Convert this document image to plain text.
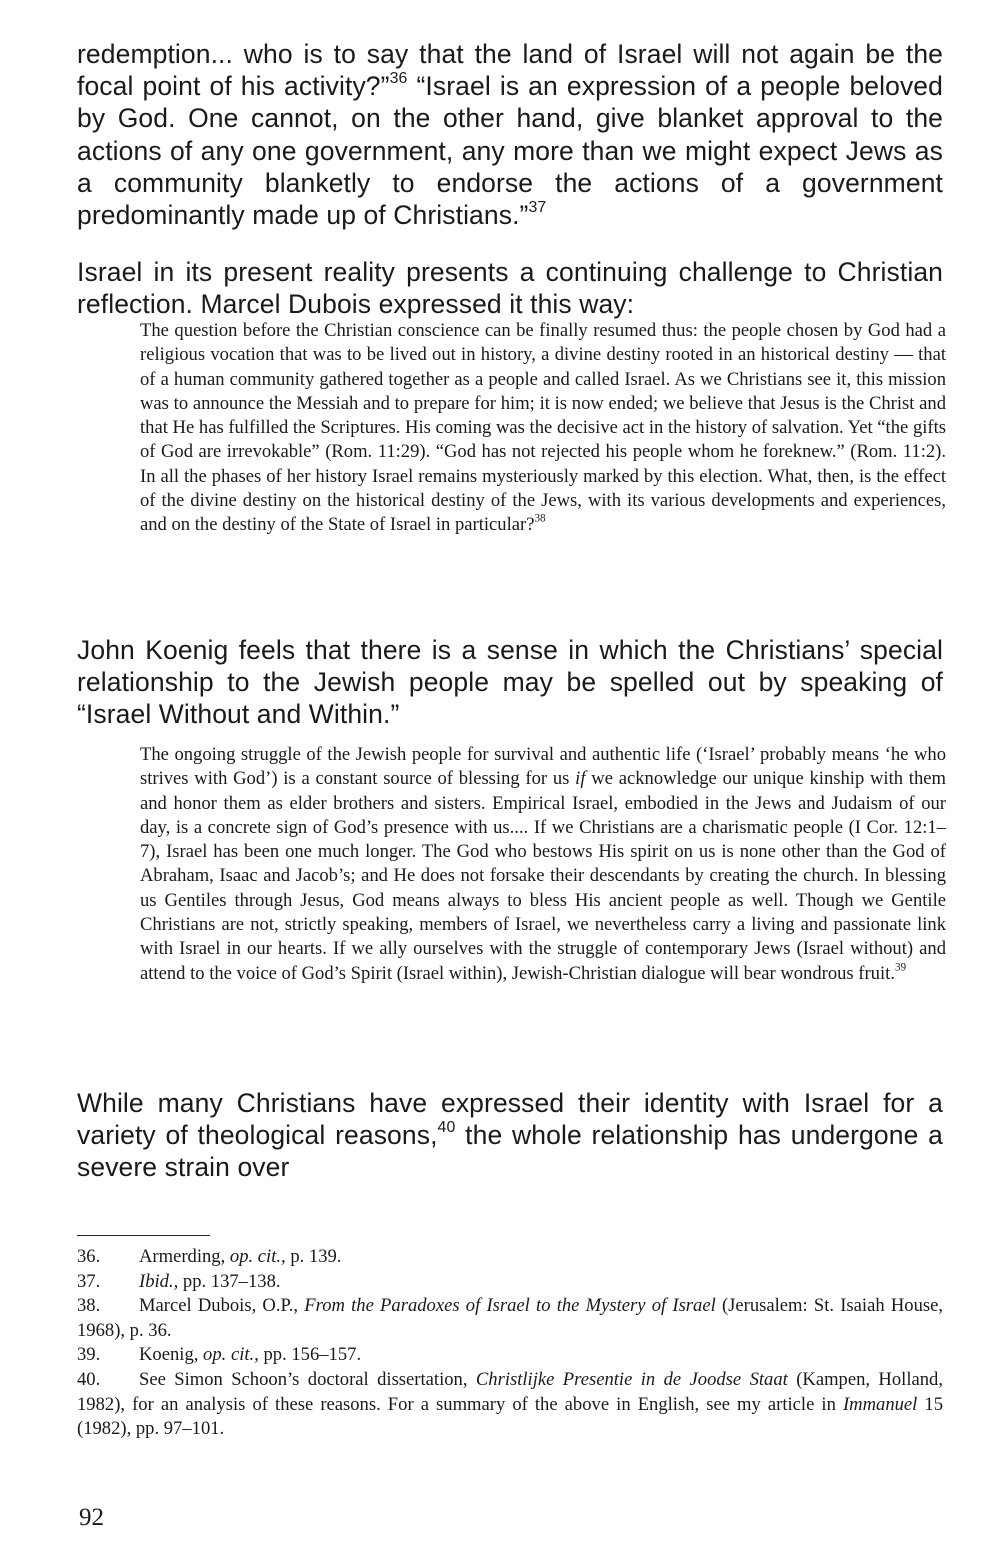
redemption... who is to say that the land of Israel will not again be the focal point of his activity?”$^{36}$ “Israel is an expression of a people beloved by God. One cannot, on the other hand, give blanket approval to the actions of any one government, any more than we might expect Jews as a community blanketly to endorse the actions of a government predominantly made up of Christians.”$^{37}$

Israel in its present reality presents a continuing challenge to Christian reflection. Marcel Dubois expressed it this way:

The question before the Christian conscience can be finally resumed thus: the people chosen by God had a religious vocation that was to be lived out in history, a divine destiny rooted in an historical destiny — that of a human community gathered together as a people and called Israel. As we Christians see it, this mission was to announce the Messiah and to prepare for him; it is now ended; we believe that Jesus is the Christ and that He has fulfilled the Scriptures. His coming was the decisive act in the history of salvation. Yet “the gifts of God are irrevokable” (Rom. 11:29). “God has not rejected his people whom he foreknew.” (Rom. 11:2). In all the phases of her history Israel remains mysteriously marked by this election. What, then, is the effect of the divine destiny on the historical destiny of the Jews, with its various developments and experiences, and on the destiny of the State of Israel in particular?$^{38}$

John Koenig feels that there is a sense in which the Christians’ special relationship to the Jewish people may be spelled out by speaking of “Israel Without and Within.”

The ongoing struggle of the Jewish people for survival and authentic life (‘Israel’ probably means ‘he who strives with God’) is a constant source of blessing for us if we acknowledge our unique kinship with them and honor them as elder brothers and sisters. Empirical Israel, embodied in the Jews and Judaism of our day, is a concrete sign of God’s presence with us.... If we Christians are a charismatic people (I Cor. 12:1–7), Israel has been one much longer. The God who bestows His spirit on us is none other than the God of Abraham, Isaac and Jacob’s; and He does not forsake their descendants by creating the church. In blessing us Gentiles through Jesus, God means always to bless His ancient people as well. Though we Gentile Christians are not, strictly speaking, members of Israel, we nevertheless carry a living and passionate link with Israel in our hearts. If we ally ourselves with the struggle of contemporary Jews (Israel without) and attend to the voice of God’s Spirit (Israel within), Jewish-Christian dialogue will bear wondrous fruit.$^{39}$

While many Christians have expressed their identity with Israel for a variety of theological reasons,$^{40}$ the whole relationship has undergone a severe strain over

36. Armerding, op. cit., p. 139.

37. Ibid., pp. 137–138.

38. Marcel Dubois, O.P., From the Paradoxes of Israel to the Mystery of Israel (Jerusalem: St. Isaiah House, 1968), p. 36.

39. Koenig, op. cit., pp. 156–157.

40. See Simon Schoon’s doctoral dissertation, Christlijke Presentie in de Joodse Staat (Kampen, Holland, 1982), for an analysis of these reasons. For a summary of the above in English, see my article in Immanuel 15 (1982), pp. 97–101.

92
